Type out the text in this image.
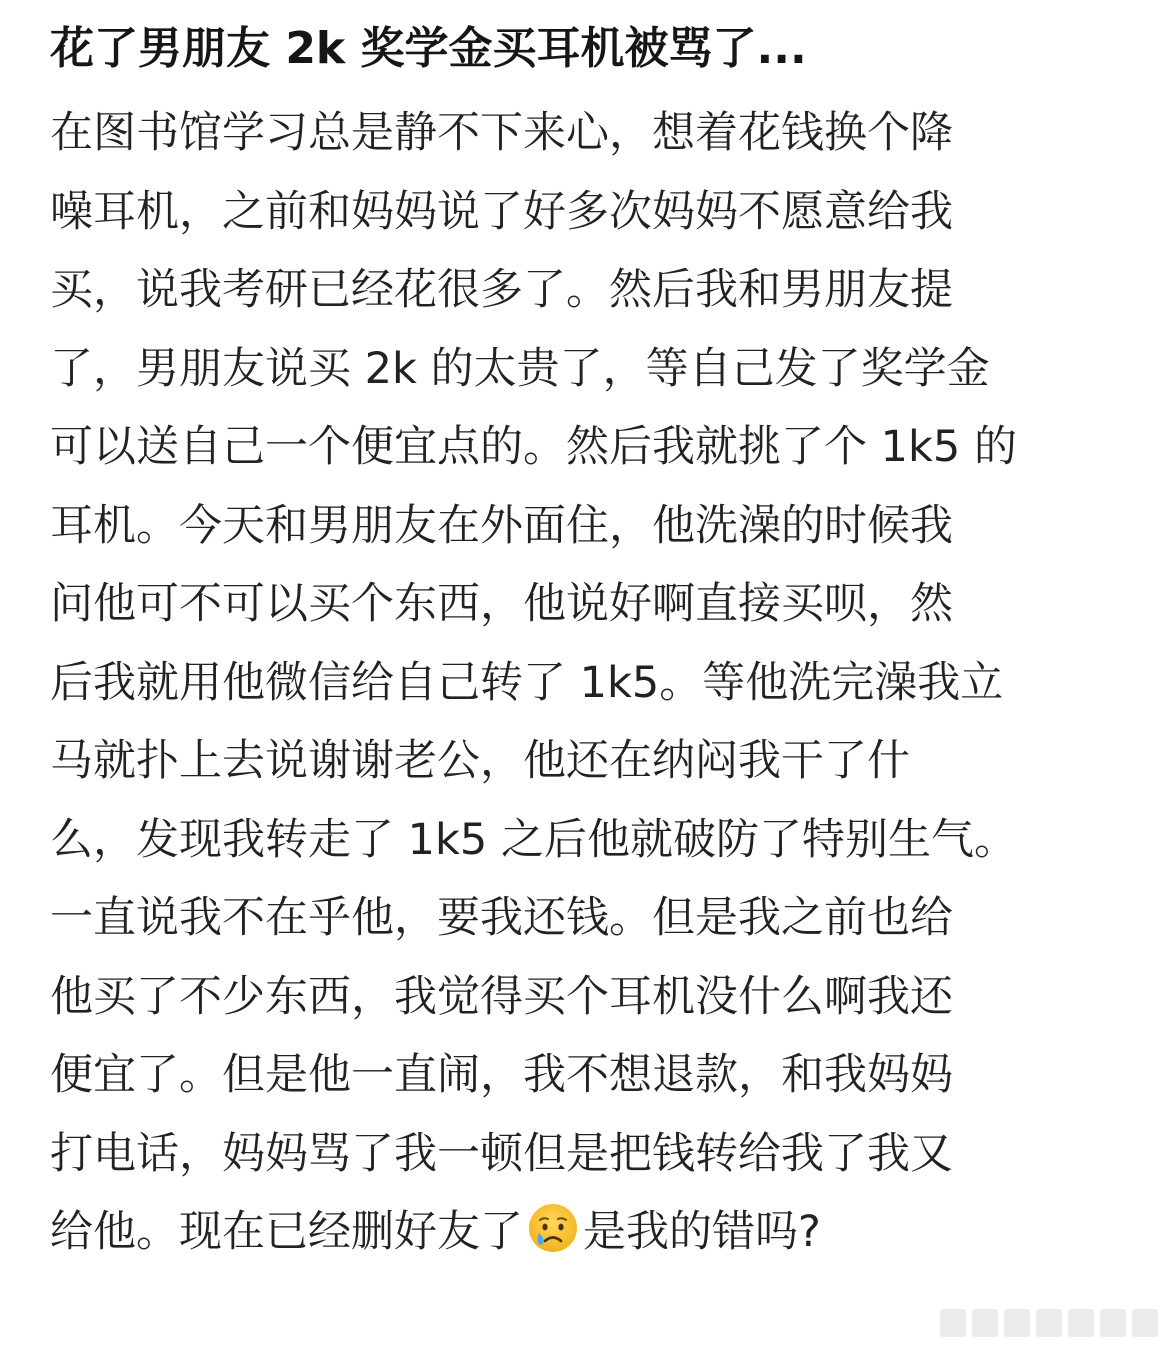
花了男朋友 2k 奖学金买耳机被骂了...
在图书馆学习总是静不下来心，想着花钱换个降
噪耳机，之前和妈妈说了好多次妈妈不愿意给我
买，说我考研已经花很多了。然后我和男朋友提
了，男朋友说买 2k 的太贵了，等自己发了奖学金
可以送自己一个便宜点的。然后我就挑了个 1k5 的
耳机。今天和男朋友在外面住，他洗澡的时候我
问他可不可以买个东西，他说好啊直接买呗，然
后我就用他微信给自己转了 1k5。等他洗完澡我立
马就扑上去说谢谢老公，他还在纳闷我干了什
么，发现我转走了 1k5 之后他就破防了特别生气。
一直说我不在乎他，要我还钱。但是我之前也给
他买了不少东西，我觉得买个耳机没什么啊我还
便宜了。但是他一直闹，我不想退款，和我妈妈
打电话，妈妈骂了我一顿但是把钱转给我了我又
给他。现在已经删好友了 是我的错吗?
